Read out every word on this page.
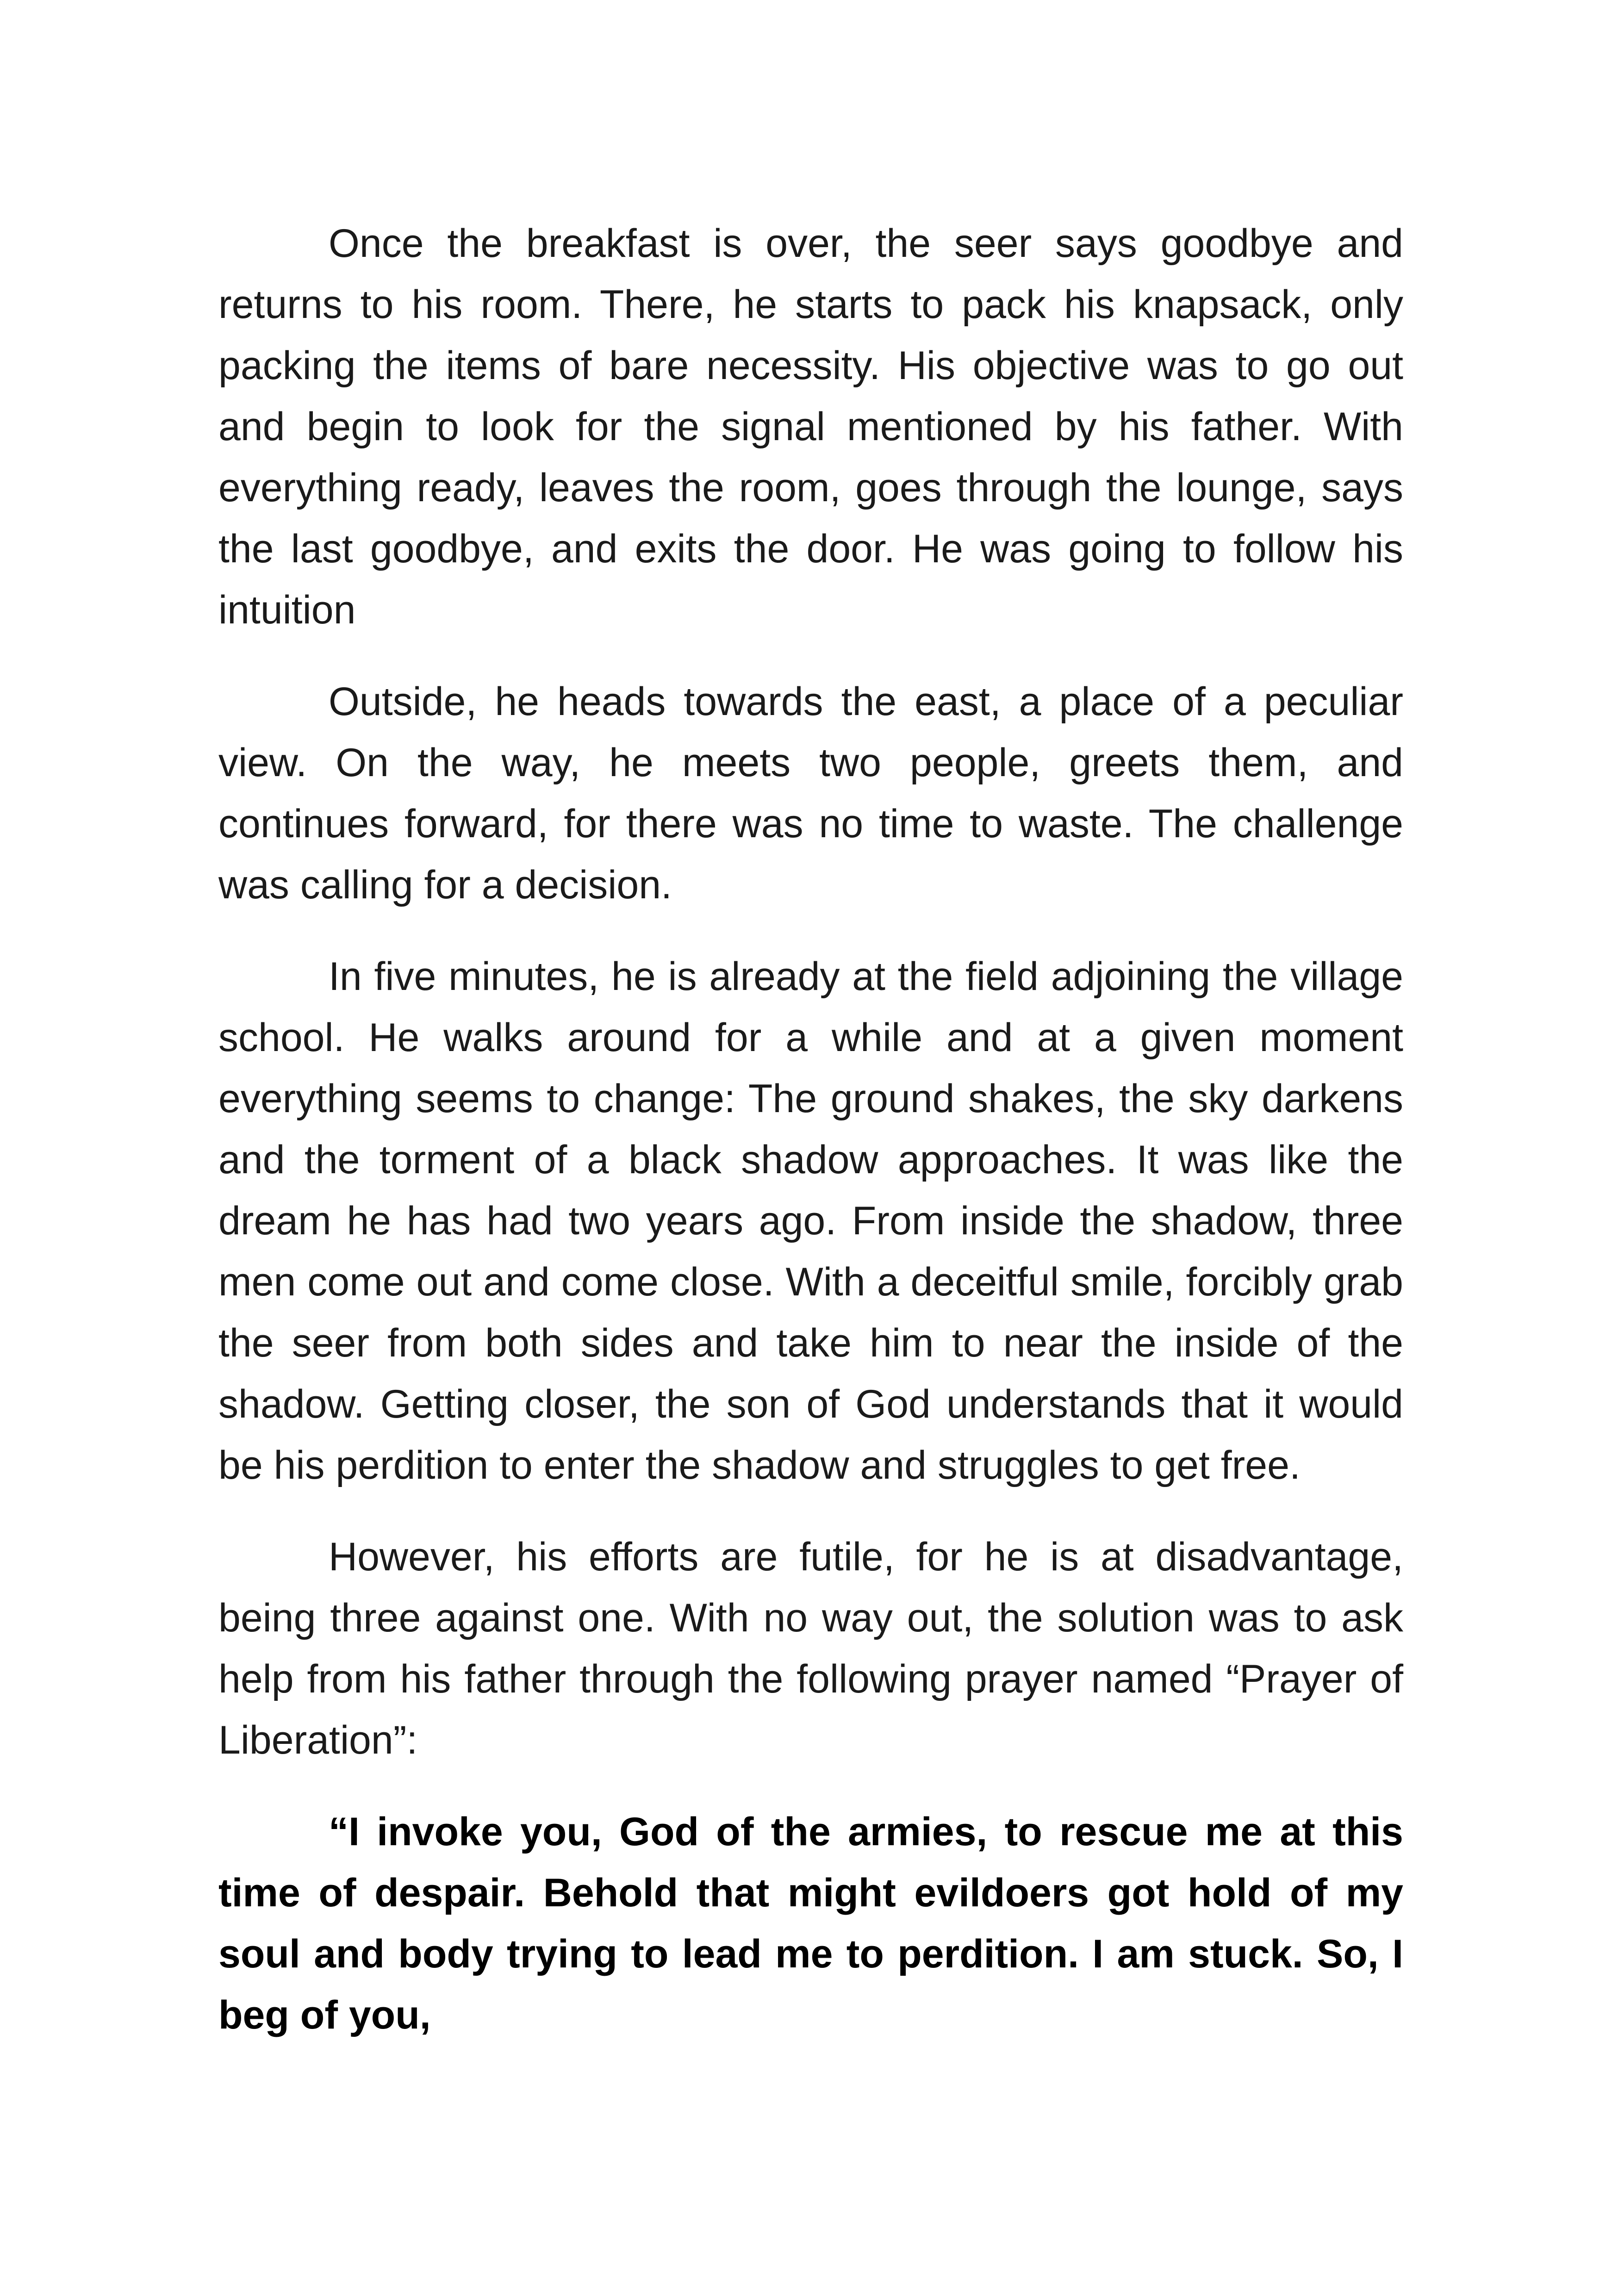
Once the breakfast is over, the seer says goodbye and returns to his room. There, he starts to pack his knapsack, only packing the items of bare necessity. His objective was to go out and begin to look for the signal mentioned by his father. With everything ready, leaves the room, goes through the lounge, says the last goodbye, and exits the door. He was going to follow his intuition

Outside, he heads towards the east, a place of a peculiar view. On the way, he meets two people, greets them, and continues forward, for there was no time to waste. The challenge was calling for a decision.

In five minutes, he is already at the field adjoining the village school. He walks around for a while and at a given moment everything seems to change: The ground shakes, the sky darkens and the torment of a black shadow approaches. It was like the dream he has had two years ago. From inside the shadow, three men come out and come close. With a deceitful smile, forcibly grab the seer from both sides and take him to near the inside of the shadow. Getting closer, the son of God understands that it would be his perdition to enter the shadow and struggles to get free.

However, his efforts are futile, for he is at disadvantage, being three against one. With no way out, the solution was to ask help from his father through the following prayer named “Prayer of Liberation”:

“I invoke you, God of the armies, to rescue me at this time of despair. Behold that might evildoers got hold of my soul and body trying to lead me to perdition. I am stuck. So, I beg of you,
